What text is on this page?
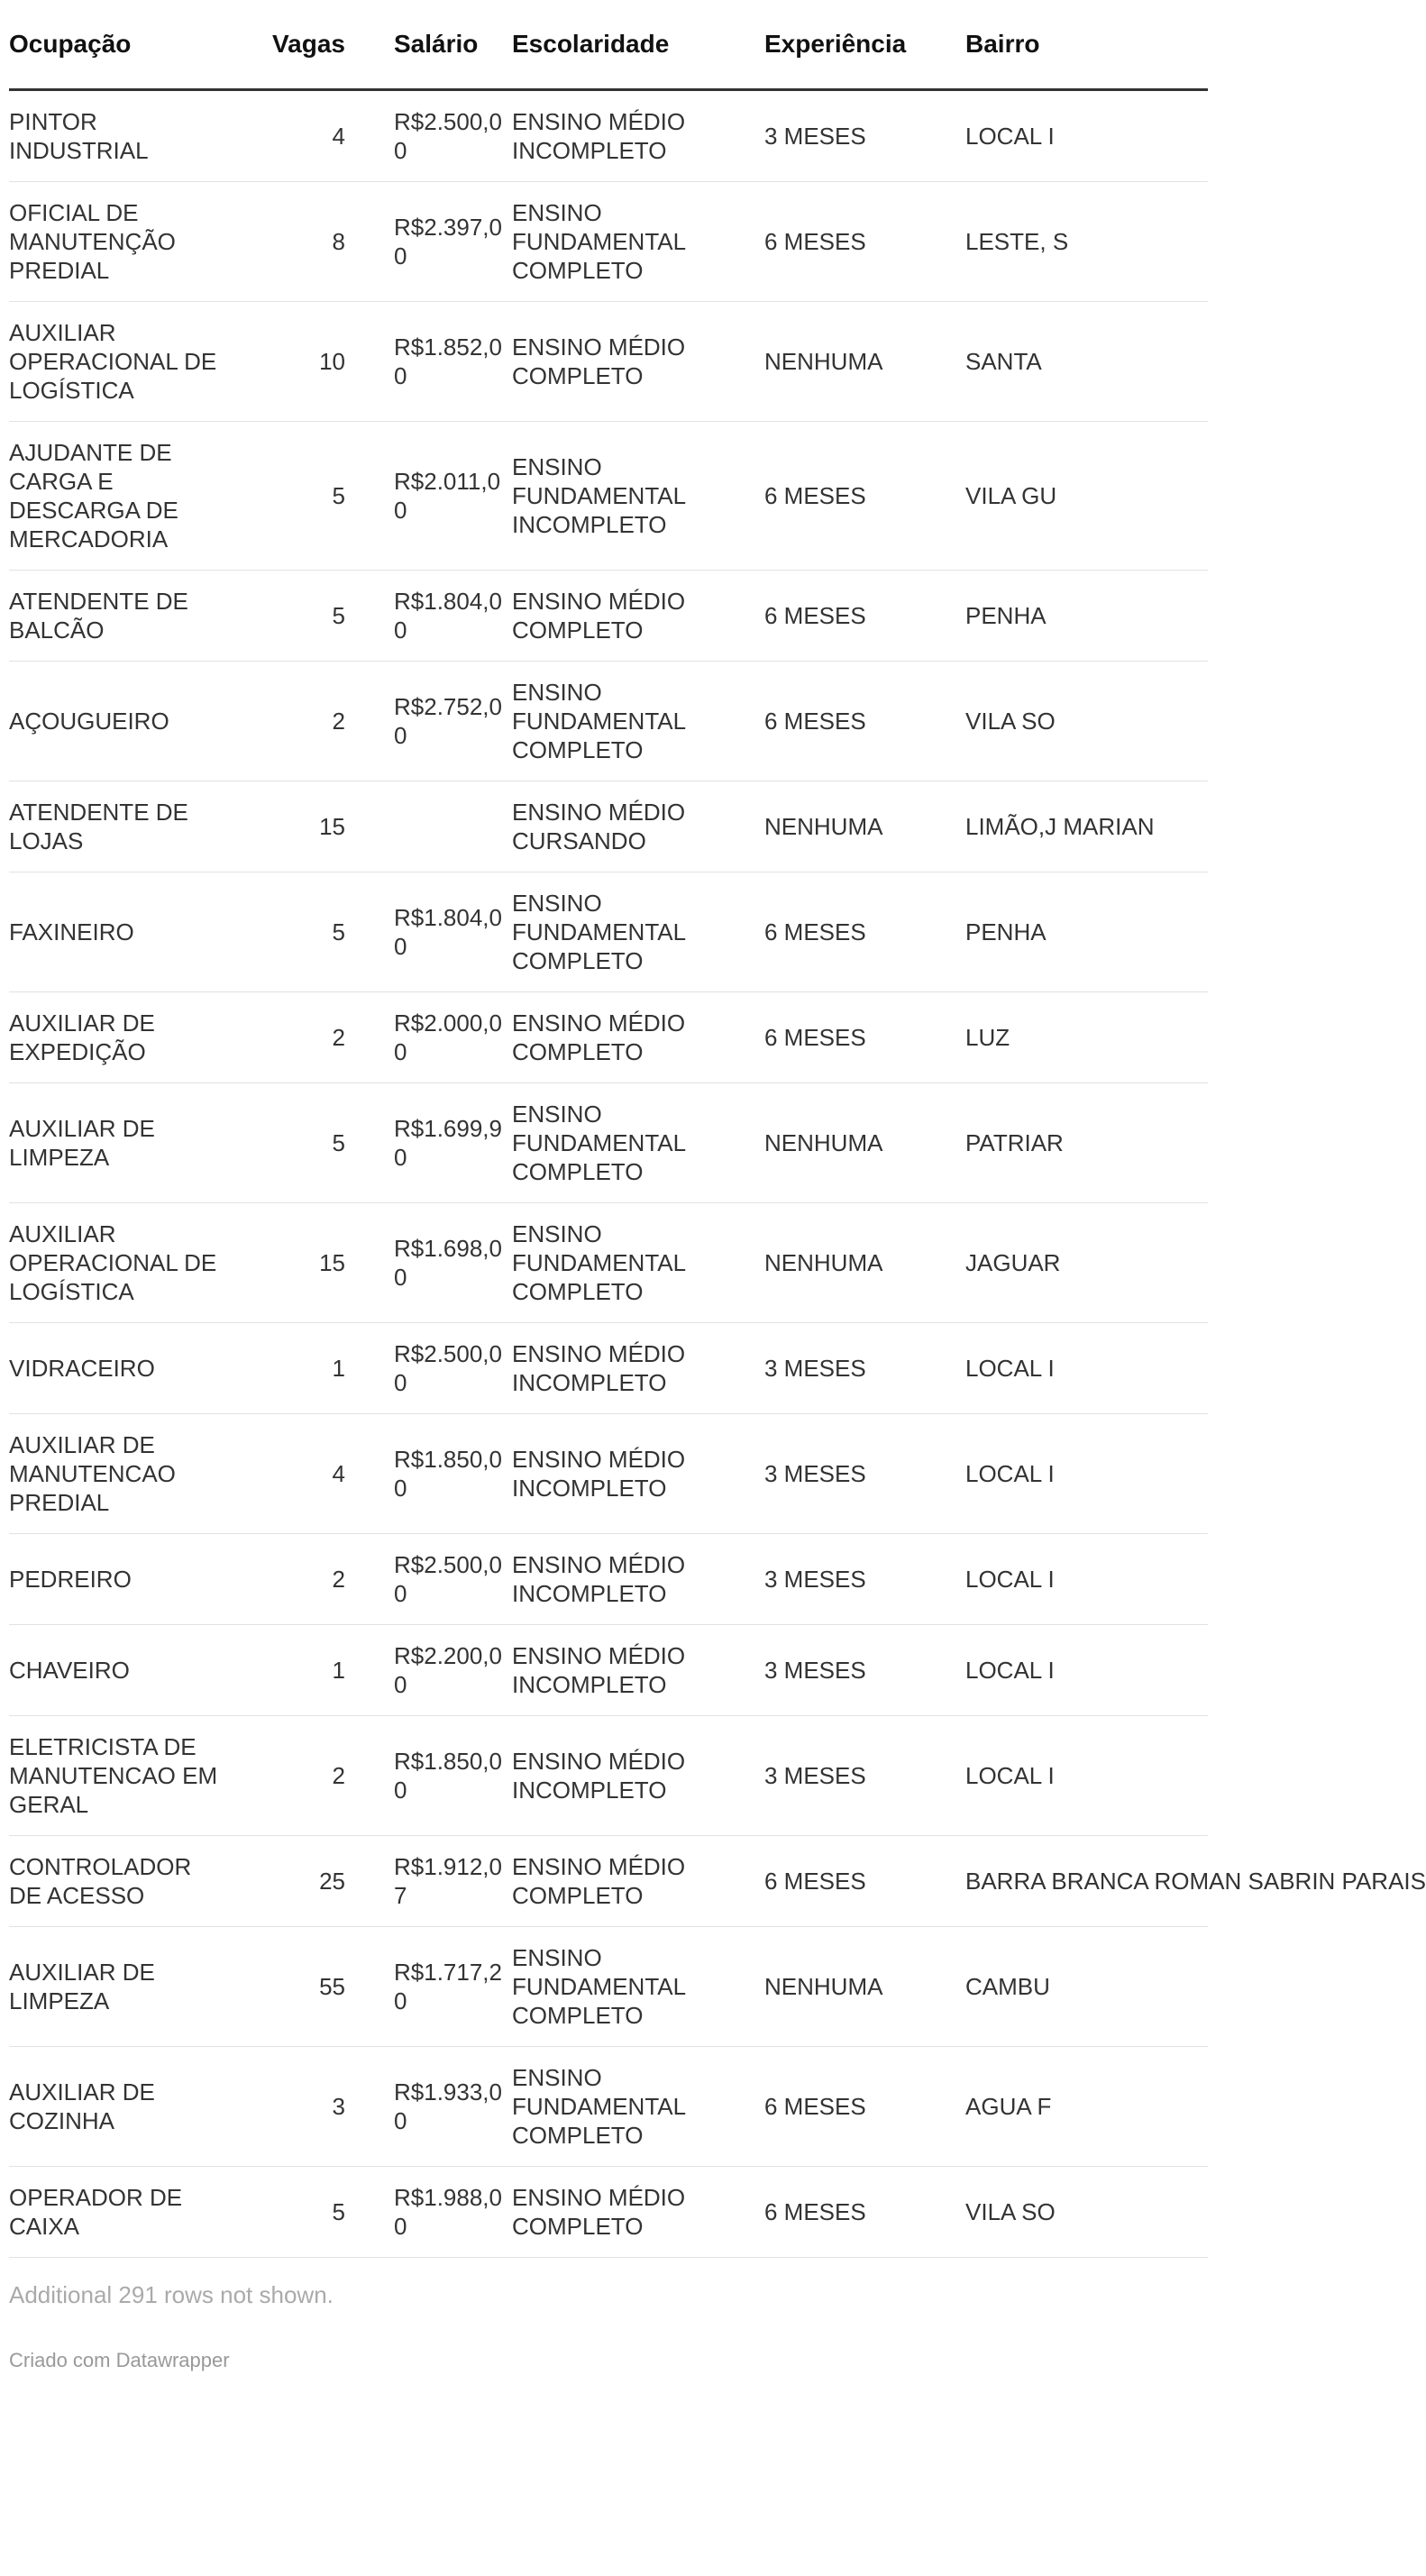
Ocupação	Vagas	Salário	Escolaridade	Experiência	Bairro
PINTOR INDUSTRIAL	4	R$2.500,00	ENSINO MÉDIO INCOMPLETO	3 MESES	LOCAL I
OFICIAL DE MANUTENÇÃO PREDIAL	8	R$2.397,00	ENSINO FUNDAMENTAL COMPLETO	6 MESES	LESTE, S
AUXILIAR OPERACIONAL DE LOGÍSTICA	10	R$1.852,00	ENSINO MÉDIO COMPLETO	NENHUMA	SANTA
AJUDANTE DE CARGA E DESCARGA DE MERCADORIA	5	R$2.011,00	ENSINO FUNDAMENTAL INCOMPLETO	6 MESES	VILA GU
ATENDENTE DE BALCÃO	5	R$1.804,00	ENSINO MÉDIO COMPLETO	6 MESES	PENHA
AÇOUGUEIRO	2	R$2.752,00	ENSINO FUNDAMENTAL COMPLETO	6 MESES	VILA SO
ATENDENTE DE LOJAS	15		ENSINO MÉDIO CURSANDO	NENHUMA	LIMÃO,J MARIAN
FAXINEIRO	5	R$1.804,00	ENSINO FUNDAMENTAL COMPLETO	6 MESES	PENHA
AUXILIAR DE EXPEDIÇÃO	2	R$2.000,00	ENSINO MÉDIO COMPLETO	6 MESES	LUZ
AUXILIAR DE LIMPEZA	5	R$1.699,90	ENSINO FUNDAMENTAL COMPLETO	NENHUMA	PATRIAR
AUXILIAR OPERACIONAL DE LOGÍSTICA	15	R$1.698,00	ENSINO FUNDAMENTAL COMPLETO	NENHUMA	JAGUAR
VIDRACEIRO	1	R$2.500,00	ENSINO MÉDIO INCOMPLETO	3 MESES	LOCAL I
AUXILIAR DE MANUTENCAO PREDIAL	4	R$1.850,00	ENSINO MÉDIO INCOMPLETO	3 MESES	LOCAL I
PEDREIRO	2	R$2.500,00	ENSINO MÉDIO INCOMPLETO	3 MESES	LOCAL I
CHAVEIRO	1	R$2.200,00	ENSINO MÉDIO INCOMPLETO	3 MESES	LOCAL I
ELETRICISTA DE MANUTENCAO EM GERAL	2	R$1.850,00	ENSINO MÉDIO INCOMPLETO	3 MESES	LOCAL I
CONTROLADOR DE ACESSO	25	R$1.912,07	ENSINO MÉDIO COMPLETO	6 MESES	BARRA BRANCA ROMAN SABRIN PARAIS
AUXILIAR DE LIMPEZA	55	R$1.717,20	ENSINO FUNDAMENTAL COMPLETO	NENHUMA	CAMBU
AUXILIAR DE COZINHA	3	R$1.933,00	ENSINO FUNDAMENTAL COMPLETO	6 MESES	AGUA F
OPERADOR DE CAIXA	5	R$1.988,00	ENSINO MÉDIO COMPLETO	6 MESES	VILA SO
Additional 291 rows not shown.
Criado com Datawrapper
